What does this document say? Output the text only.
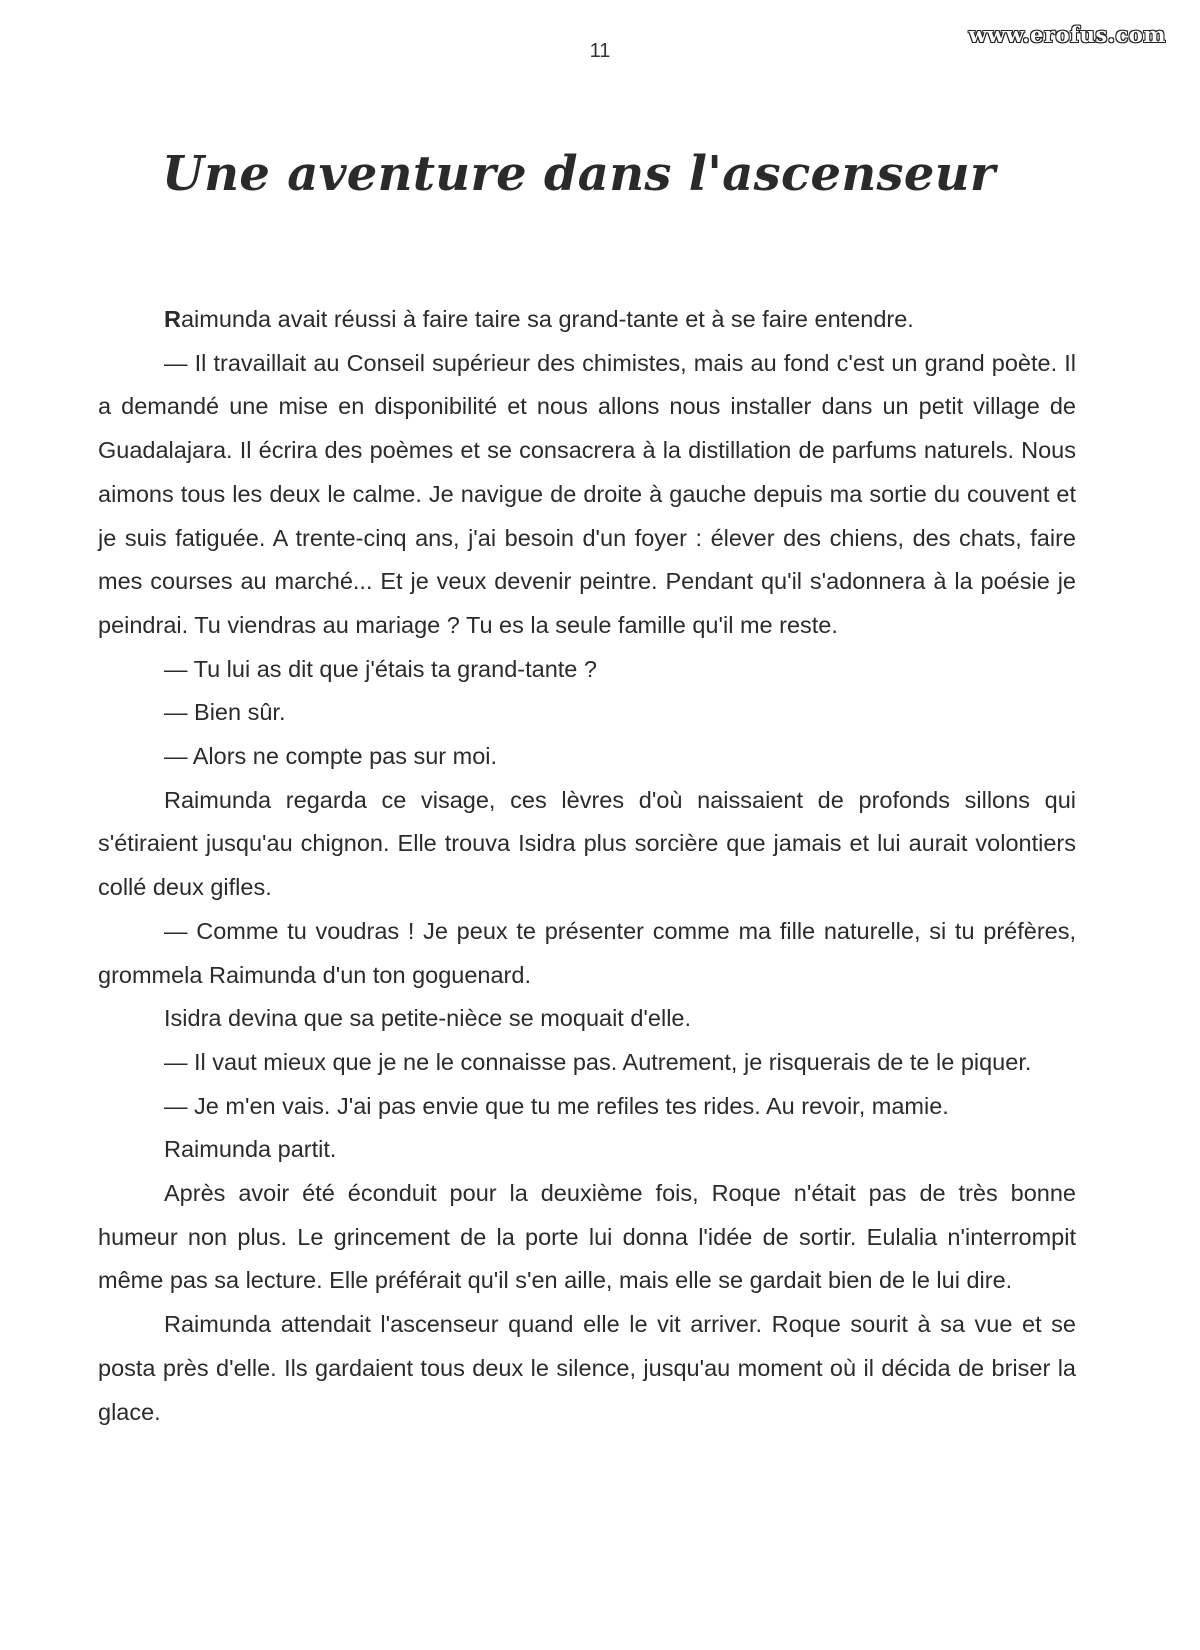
www.erofus.com
11
Une aventure dans l'ascenseur

Raimunda avait réussi à faire taire sa grand-tante et à se faire entendre.

— Il travaillait au Conseil supérieur des chimistes, mais au fond c'est un grand poète. Il a demandé une mise en disponibilité et nous allons nous installer dans un petit village de Guadalajara. Il écrira des poèmes et se consacrera à la distillation de parfums naturels. Nous aimons tous les deux le calme. Je navigue de droite à gauche depuis ma sortie du couvent et je suis fatiguée. A trente-cinq ans, j'ai besoin d'un foyer : élever des chiens, des chats, faire mes courses au marché... Et je veux devenir peintre. Pendant qu'il s'adonnera à la poésie je peindrai. Tu viendras au mariage ? Tu es la seule famille qu'il me reste.

— Tu lui as dit que j'étais ta grand-tante ?

— Bien sûr.

— Alors ne compte pas sur moi.

Raimunda regarda ce visage, ces lèvres d'où naissaient de profonds sillons qui s'étiraient jusqu'au chignon. Elle trouva Isidra plus sorcière que jamais et lui aurait volontiers collé deux gifles.

— Comme tu voudras ! Je peux te présenter comme ma fille naturelle, si tu préfères, grommela Raimunda d'un ton goguenard.

Isidra devina que sa petite-nièce se moquait d'elle.

— Il vaut mieux que je ne le connaisse pas. Autrement, je risquerais de te le piquer.

— Je m'en vais. J'ai pas envie que tu me refiles tes rides. Au revoir, mamie.

Raimunda partit.

Après avoir été éconduit pour la deuxième fois, Roque n'était pas de très bonne humeur non plus. Le grincement de la porte lui donna l'idée de sortir. Eulalia n'interrompit même pas sa lecture. Elle préférait qu'il s'en aille, mais elle se gardait bien de le lui dire.

Raimunda attendait l'ascenseur quand elle le vit arriver. Roque sourit à sa vue et se posta près d'elle. Ils gardaient tous deux le silence, jusqu'au moment où il décida de briser la glace.
